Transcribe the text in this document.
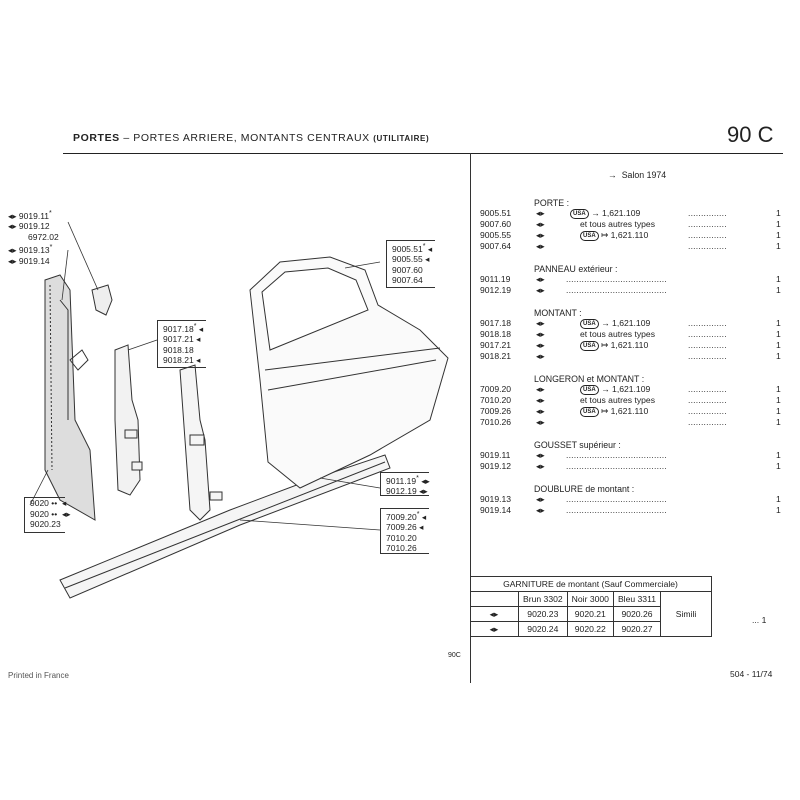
PORTES – PORTES ARRIERE, MONTANTS CENTRAUX (UTILITAIRE)	90 C
→ Salon 1974
◂▸ 9019.11*
◂▸ 9019.12
6972.02
◂▸ 9019.13*
◂▸ 9019.14
9005.51* ◂
9005.55 ◂
9007.60
9007.64
9017.18* ◂
9017.21 ◂
9018.18
9018.21 ◂
9011.19* ◂▸
9012.19 ◂▸
7009.20* ◂
7009.26 ◂
7010.20
7010.26
9020 ••  ◂
9020 ••  ◂▸
9020.23
90C
PORTE :
9005.51	◂▸	USA → 1,621.109	...............	1
9007.60	◂▸	et tous autres types	...............	1
9005.55	◂▸	USA ↦ 1,621.110	...............	1
9007.64	◂▸	...............	1
PANNEAU extérieur :
9011.19	◂▸ .......................................	1
9012.19	◂▸ .......................................	1
MONTANT :
9017.18	◂▸	USA → 1,621.109	...............	1
9018.18	◂▸	et tous autres types	...............	1
9017.21	◂▸	USA ↦ 1,621.110	...............	1
9018.21	◂▸	...............	1
LONGERON et MONTANT :
7009.20	◂▸	USA → 1,621.109	...............	1
7010.20	◂▸	et tous autres types	...............	1
7009.26	◂▸	USA ↦ 1,621.110	...............	1
7010.26	◂▸	...............	1
GOUSSET supérieur :
9019.11	◂▸ .......................................	1
9019.12	◂▸ .......................................	1
DOUBLURE de montant :
9019.13	◂▸ .......................................	1
9019.14	◂▸ .......................................	1
GARNITURE de montant (Sauf Commerciale)				
	Brun 3302	Noir 3000	Bleu 3311	Simili
◂▸	9020.23	9020.21	9020.26	
◂▸	9020.24	9020.22	9020.27	
... 1
Printed in France	504 - 11/74
